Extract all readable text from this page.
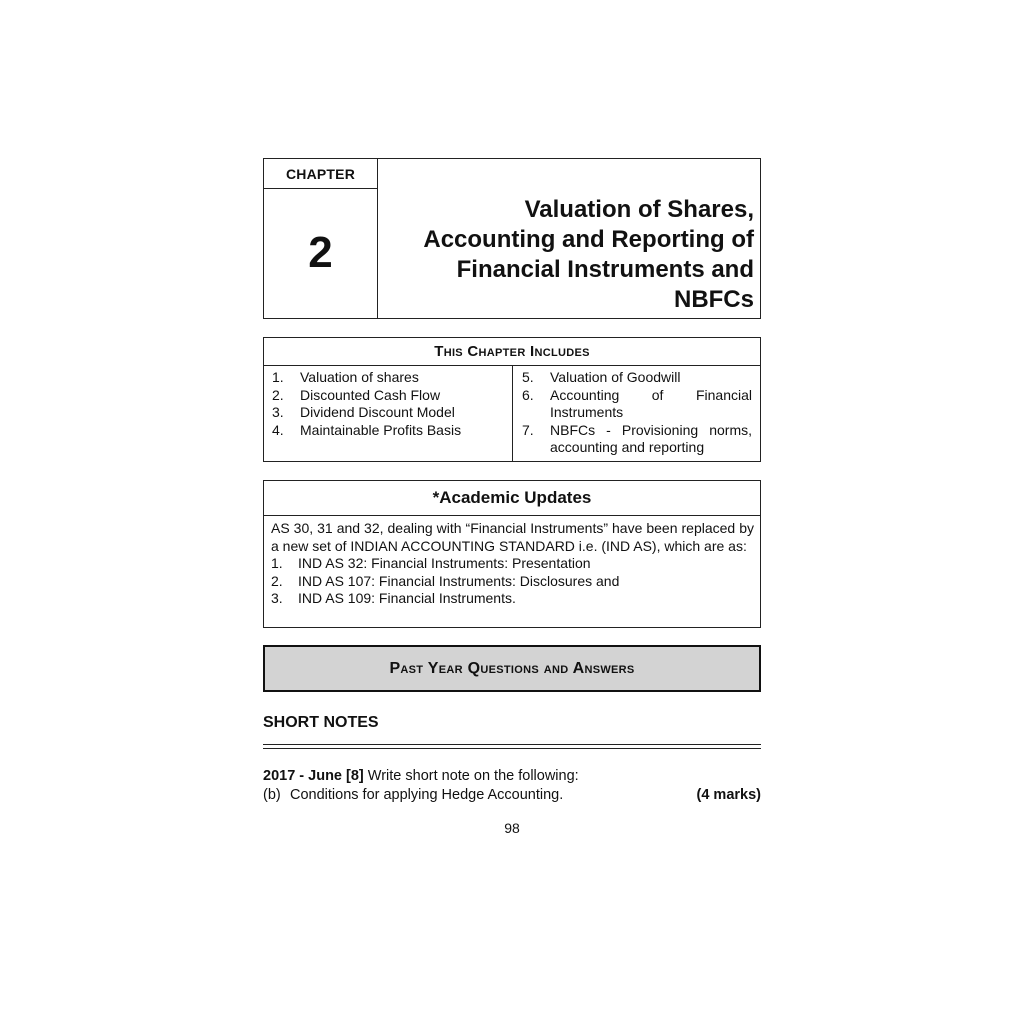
CHAPTER
2
Valuation of Shares,
Accounting and Reporting of
Financial Instruments and
NBFCs
This Chapter Includes
1.	Valuation of shares
2.	Discounted Cash Flow
3.	Dividend Discount Model
4.	Maintainable Profits Basis
5.	Valuation of Goodwill
6.	Accounting of Financial Instruments
7.	NBFCs - Provisioning norms, accounting and reporting
*Academic Updates
AS 30, 31 and 32, dealing with “Financial Instruments” have been replaced by a new set of INDIAN ACCOUNTING STANDARD i.e. (IND AS), which are as:
1.	IND AS 32: Financial Instruments: Presentation
2.	IND AS 107: Financial Instruments: Disclosures and
3.	IND AS 109: Financial Instruments.
Past Year Questions and Answers
SHORT NOTES
2017 - June [8] Write short note on the following:
(b) Conditions for applying Hedge Accounting.	(4 marks)
98
